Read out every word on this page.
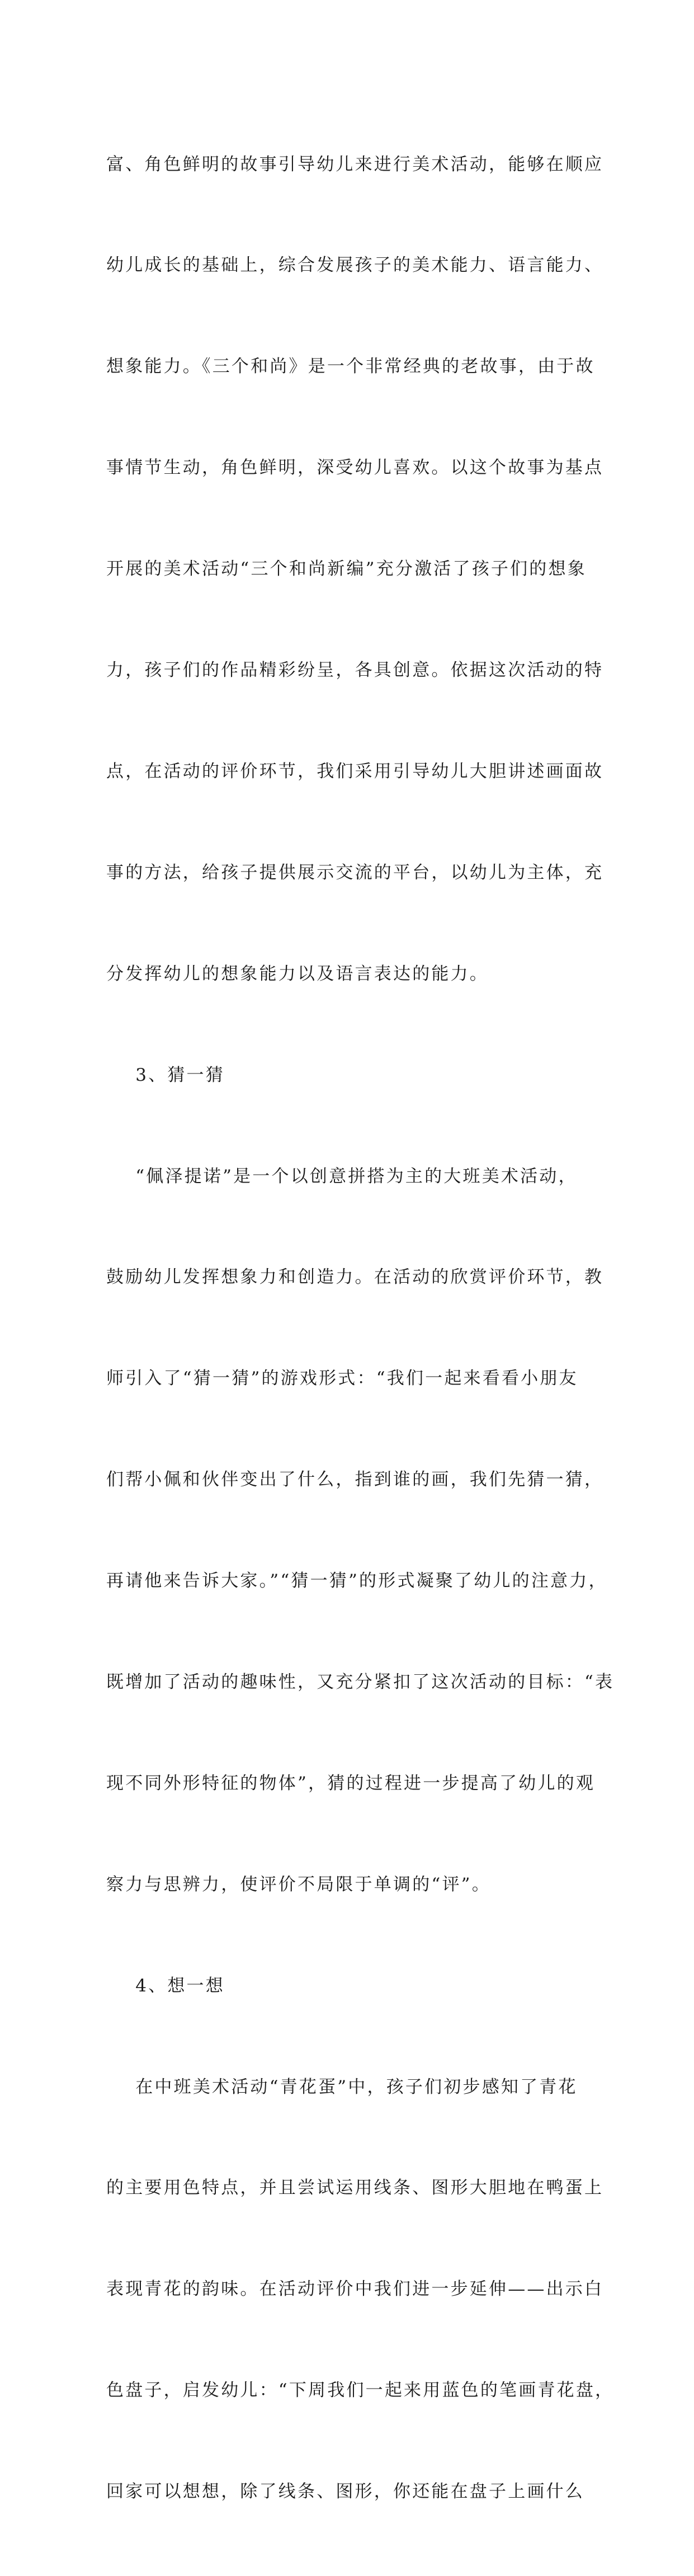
富、角色鲜明的故事引导幼儿来进行美术活动，能够在顺应

幼儿成长的基础上，综合发展孩子的美术能力、语言能力、

想象能力。《三个和尚》是一个非常经典的老故事，由于故

事情节生动，角色鲜明，深受幼儿喜欢。以这个故事为基点

开展的美术活动“三个和尚新编”充分激活了孩子们的想象

力，孩子们的作品精彩纷呈，各具创意。依据这次活动的特

点，在活动的评价环节，我们采用引导幼儿大胆讲述画面故

事的方法，给孩子提供展示交流的平台，以幼儿为主体，充

分发挥幼儿的想象能力以及语言表达的能力。

3、猜一猜

“佩泽提诺”是一个以创意拼搭为主的大班美术活动，

鼓励幼儿发挥想象力和创造力。在活动的欣赏评价环节，教

师引入了“猜一猜”的游戏形式：“我们一起来看看小朋友

们帮小佩和伙伴变出了什么，指到谁的画，我们先猜一猜，

再请他来告诉大家。”“猜一猜”的形式凝聚了幼儿的注意力，

既增加了活动的趣味性，又充分紧扣了这次活动的目标：“表

现不同外形特征的物体”，猜的过程进一步提高了幼儿的观

察力与思辨力，使评价不局限于单调的“评”。

4、想一想

在中班美术活动“青花蛋”中，孩子们初步感知了青花

的主要用色特点，并且尝试运用线条、图形大胆地在鸭蛋上

表现青花的韵味。在活动评价中我们进一步延伸——出示白

色盘子，启发幼儿：“下周我们一起来用蓝色的笔画青花盘，

回家可以想想，除了线条、图形，你还能在盘子上画什么
